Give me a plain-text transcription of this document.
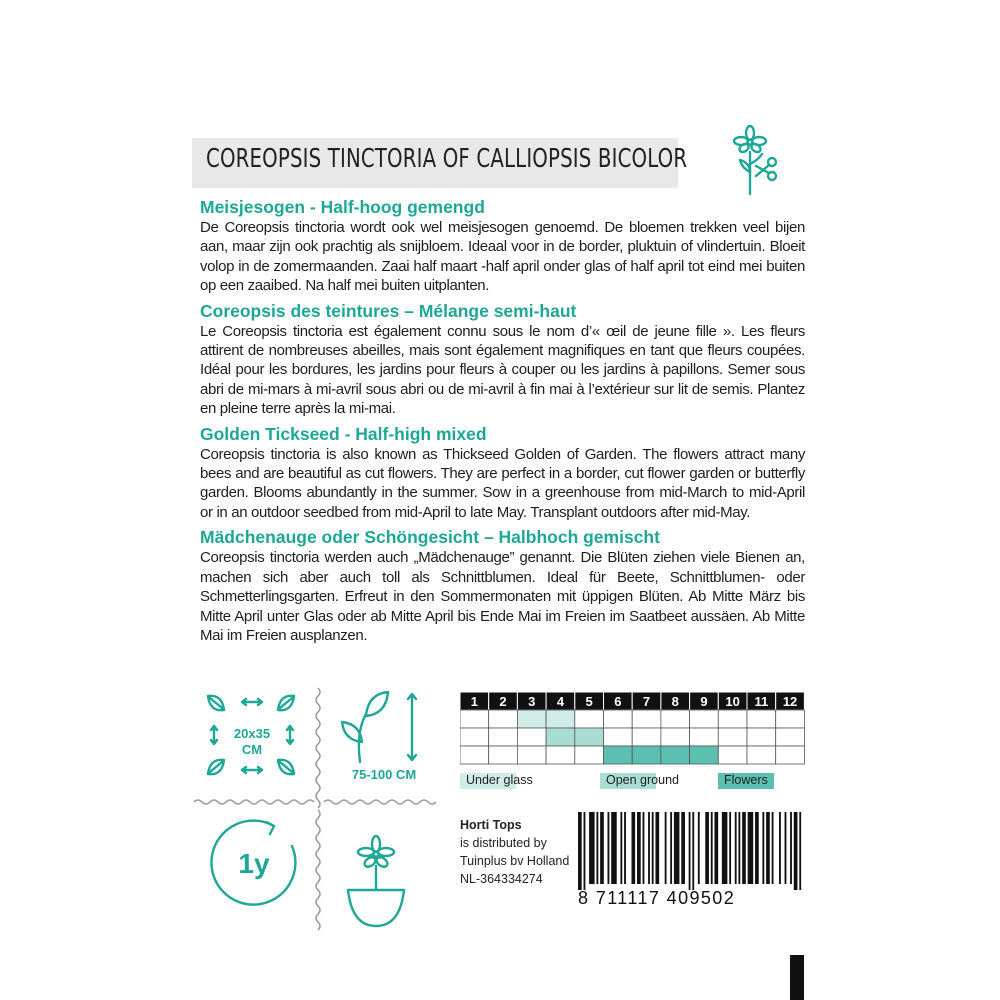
COREOPSIS TINCTORIA OF CALLIOPSIS BICOLOR
Meisjesogen - Half-hoog gemengd
De Coreopsis tinctoria wordt ook wel meisjesogen genoemd. De bloemen trekken veel bijen aan, maar zijn ook prachtig als snijbloem. Ideaal voor in de border, pluktuin of vlindertuin. Bloeit volop in de zomermaanden. Zaai half maart -half april onder glas of half april tot eind mei buiten op een zaaibed. Na half mei buiten uitplanten.
Coreopsis des teintures – Mélange semi-haut
Le Coreopsis tinctoria est également connu sous le nom d’« œil de jeune fille ». Les fleurs attirent de nombreuses abeilles, mais sont également magnifiques en tant que fleurs coupées. Idéal pour les bordures, les jardins pour fleurs à couper ou les jardins à papillons. Semer sous abri de mi-mars à mi-avril sous abri ou de mi-avril à fin mai à l’extérieur sur lit de semis. Plantez en pleine terre après la mi-mai.
Golden Tickseed - Half-high mixed
Coreopsis tinctoria is also known as Thickseed Golden of Garden. The flowers attract many bees and are beautiful as cut flowers. They are perfect in a border, cut flower garden or butterfly garden. Blooms abundantly in the summer. Sow in a greenhouse from mid-March to mid-April or in an outdoor seedbed from mid-April to late May. Transplant outdoors after mid-May.
Mädchenauge oder Schöngesicht – Halbhoch gemischt
Coreopsis tinctoria werden auch „Mädchenauge” genannt. Die Blüten ziehen viele Bienen an, machen sich aber auch toll als Schnittblumen. Ideal für Beete, Schnittblumen- oder Schmetterlingsgarten. Erfreut in den Sommermonaten mit üppigen Blüten. Ab Mitte März bis Mitte April unter Glas oder ab Mitte April bis Ende Mai im Freien im Saatbeet aussäen. Ab Mitte Mai im Freien ausplanzen.
20x35
CM
75-100 CM
1y
1 2 3 4 5 6 7 8 9 10 11 12
Under glass	Open ground	Flowers
Horti Tops
is distributed by
Tuinplus bv Holland
NL-364334274
8 711117 409502
